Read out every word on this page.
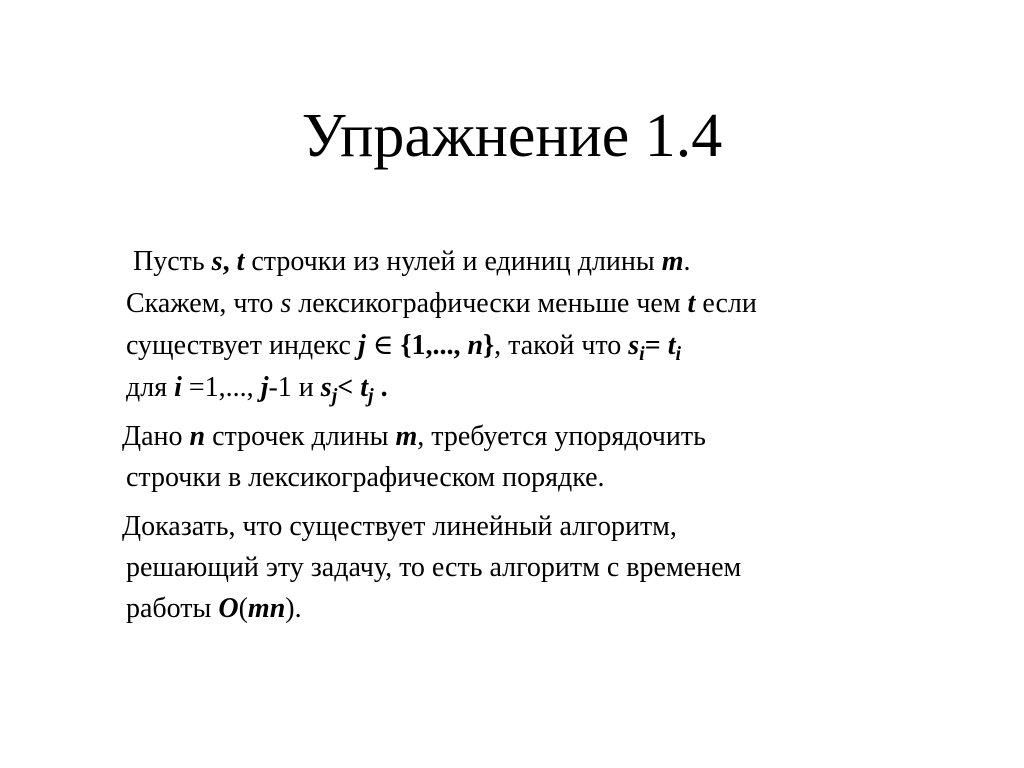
Упражнение 1.4
Пусть s, t строчки из нулей и единиц длины m.
Скажем, что s лексикографически меньше чем t если
существует индекс j ∈ {1,..., n}, такой что $s_i= t_i$
для i =1,..., j-1 и $s_j< t_j$ .
Дано n строчек длины m, требуется упорядочить
строчки в лексикографическом порядке.
Доказать, что существует линейный алгоритм,
решающий эту задачу, то есть алгоритм с временем
работы O(mn).
